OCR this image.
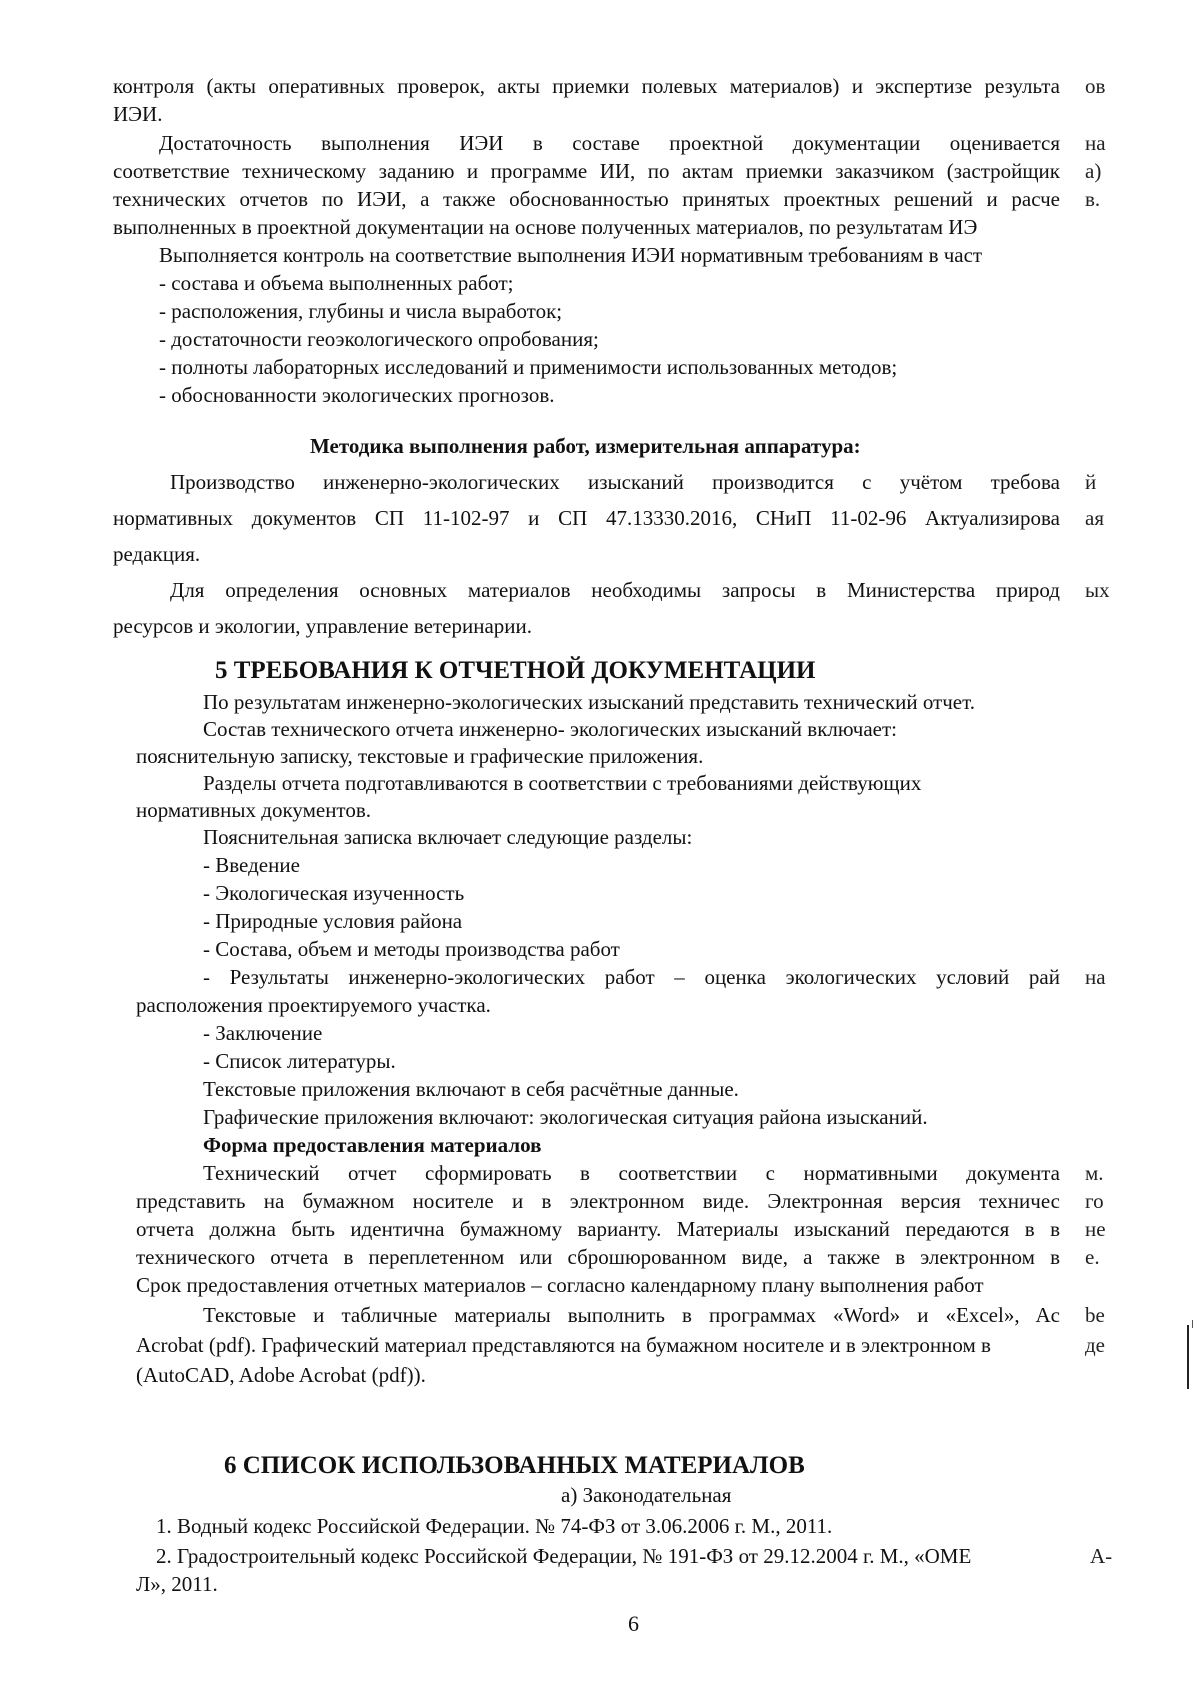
контроля (акты оперативных проверок, акты приемки полевых материалов) и экспертизе результа ов
ИЭИ.
Достаточность выполнения ИЭИ в составе проектной документации оценивается на
соответствие техническому заданию и программе ИИ, по актам приемки заказчиком (застройщик а)
технических отчетов по ИЭИ, а также обоснованностью принятых проектных решений и расче в.
выполненных в проектной документации на основе полученных материалов, по результатам ИЭ
Выполняется контроль на соответствие выполнения ИЭИ нормативным требованиям в част
- состава и объема выполненных работ;
- расположения, глубины и числа выработок;
- достаточности геоэкологического опробования;
- полноты лабораторных исследований и применимости использованных методов;
- обоснованности экологических прогнозов.
Методика выполнения работ, измерительная аппаратура:
Производство инженерно-экологических изысканий производится с учётом требова й
нормативных документов СП 11-102-97 и СП 47.13330.2016, СНиП 11-02-96 Актуализирова ая
редакция.
Для определения основных материалов необходимы запросы в Министерства природ ых
ресурсов и экологии, управление ветеринарии.
5 ТРЕБОВАНИЯ К ОТЧЕТНОЙ ДОКУМЕНТАЦИИ
По результатам инженерно-экологических изысканий представить технический отчет.
Состав технического отчета инженерно- экологических изысканий включает:
пояснительную записку, текстовые и графические приложения.
Разделы отчета подготавливаются в соответствии с требованиями действующих
нормативных документов.
Пояснительная записка включает следующие разделы:
- Введение
- Экологическая изученность
- Природные условия района
- Состава, объем и методы производства работ
- Результаты инженерно-экологических работ – оценка экологических условий рай на
расположения проектируемого участка.
- Заключение
- Список литературы.
Текстовые приложения включают в себя расчётные данные.
Графические приложения включают: экологическая ситуация района изысканий.
Форма предоставления материалов
Технический отчет сформировать в соответствии с нормативными документа м.
представить на бумажном носителе и в электронном виде. Электронная версия техничес го
отчета должна быть идентична бумажному варианту. Материалы изысканий передаются в в не
технического отчета в переплетенном или сброшюрованном виде, а также в электронном в е.
Срок предоставления отчетных материалов – согласно календарному плану выполнения работ
Текстовые и табличные материалы выполнить в программах «Word» и «Excel», Ac be
Acrobat (pdf). Графический материал представляются на бумажном носителе и в электронном в	де
(AutoCAD, Adobe Acrobat (pdf)).
6 СПИСОК ИСПОЛЬЗОВАННЫХ МАТЕРИАЛОВ
а) Законодательная
1. Водный кодекс Российской Федерации. № 74-ФЗ от 3.06.2006 г. М., 2011.
2. Градостроительный кодекс Российской Федерации, № 191-ФЗ от 29.12.2004 г. М., «ОМЕ	А-
Л», 2011.
6
